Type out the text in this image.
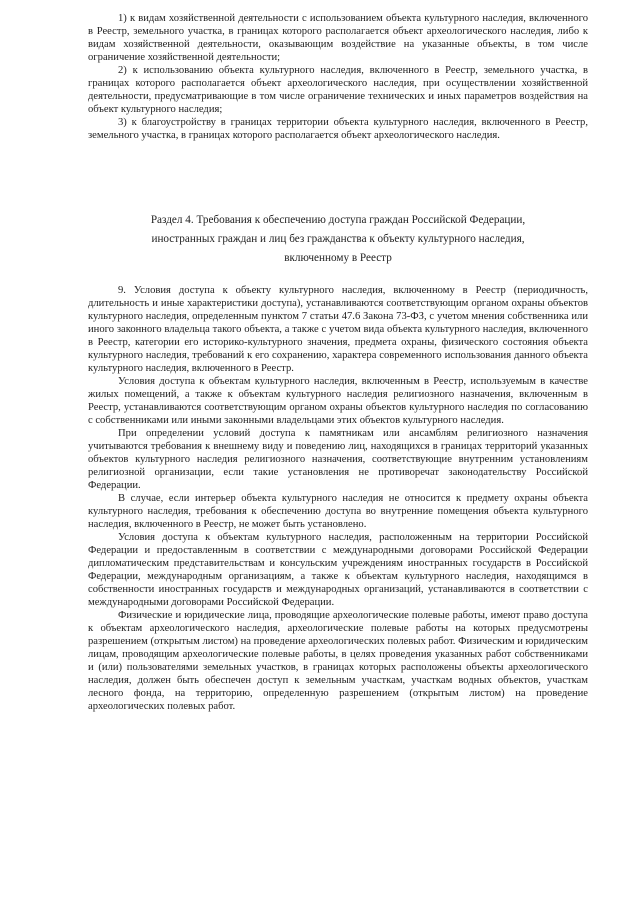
1) к видам хозяйственной деятельности с использованием объекта культурного наследия, включенного в Реестр, земельного участка, в границах которого располагается объект археологического наследия, либо к видам хозяйственной деятельности, оказывающим воздействие на указанные объекты, в том числе ограничение хозяйственной деятельности;

2) к использованию объекта культурного наследия, включенного в Реестр, земельного участка, в границах которого располагается объект археологического наследия, при осуществлении хозяйственной деятельности, предусматривающие в том числе ограничение технических и иных параметров воздействия на объект культурного наследия;

3) к благоустройству в границах территории объекта культурного наследия, включенного в Реестр, земельного участка, в границах которого располагается объект археологического наследия.

Раздел 4. Требования к обеспечению доступа граждан Российской Федерации,
иностранных граждан и лиц без гражданства к объекту культурного наследия,
включенному в Реестр

9. Условия доступа к объекту культурного наследия, включенному в Реестр (периодичность, длительность и иные характеристики доступа), устанавливаются соответствующим органом охраны объектов культурного наследия, определенным пунктом 7 статьи 47.6 Закона 73-ФЗ, с учетом мнения собственника или иного законного владельца такого объекта, а также с учетом вида объекта культурного наследия, включенного в Реестр, категории его историко-культурного значения, предмета охраны, физического состояния объекта культурного наследия, требований к его сохранению, характера современного использования данного объекта культурного наследия, включенного в Реестр.

Условия доступа к объектам культурного наследия, включенным в Реестр, используемым в качестве жилых помещений, а также к объектам культурного наследия религиозного назначения, включенным в Реестр, устанавливаются соответствующим органом охраны объектов культурного наследия по согласованию с собственниками или иными законными владельцами этих объектов культурного наследия.

При определении условий доступа к памятникам или ансамблям религиозного назначения учитываются требования к внешнему виду и поведению лиц, находящихся в границах территорий указанных объектов культурного наследия религиозного назначения, соответствующие внутренним установлениям религиозной организации, если такие установления не противоречат законодательству Российской Федерации.

В случае, если интерьер объекта культурного наследия не относится к предмету охраны объекта культурного наследия, требования к обеспечению доступа во внутренние помещения объекта культурного наследия, включенного в Реестр, не может быть установлено.

Условия доступа к объектам культурного наследия, расположенным на территории Российской Федерации и предоставленным в соответствии с международными договорами Российской Федерации дипломатическим представительствам и консульским учреждениям иностранных государств в Российской Федерации, международным организациям, а также к объектам культурного наследия, находящимся в собственности иностранных государств и международных организаций, устанавливаются в соответствии с международными договорами Российской Федерации.

Физические и юридические лица, проводящие археологические полевые работы, имеют право доступа к объектам археологического наследия, археологические полевые работы на которых предусмотрены разрешением (открытым листом) на проведение археологических полевых работ. Физическим и юридическим лицам, проводящим археологические полевые работы, в целях проведения указанных работ собственниками и (или) пользователями земельных участков, в границах которых расположены объекты археологического наследия, должен быть обеспечен доступ к земельным участкам, участкам водных объектов, участкам лесного фонда, на территорию, определенную разрешением (открытым листом) на проведение археологических полевых работ.
